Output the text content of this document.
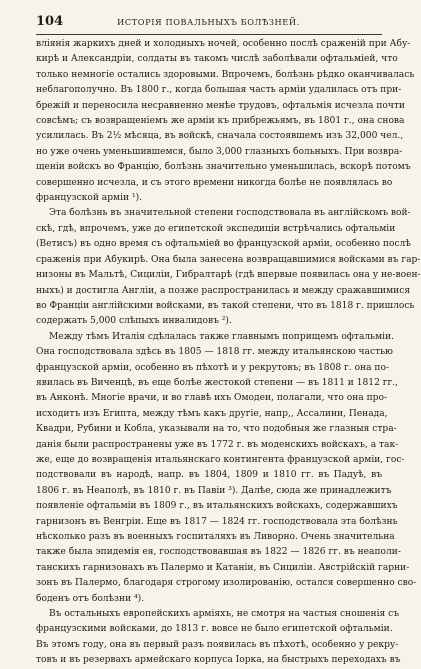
104	ИСТОРІЯ ПОВАЛЬНЫХЪ БОЛѢЗНЕЙ.
вліянія жаркихъ дней и холодныхъ ночей, особенно послѣ сраженій при Абу-
кирѣ и Александріи, солдаты въ такомъ числѣ заболѣвали офтальміей, что
только немногіе остались здоровыми. Впрочемъ, болѣзнь рѣдко оканчивалась
неблагополучно. Въ 1800 г., когда большая часть арміи удалилась отъ при-
брежій и переносила несравненно менѣе трудовъ, офтальмія исчезла почти
совсѣмъ; съ возвращеніемъ же арміи къ прибрежьямъ, въ 1801 г., она снова
усилилась. Въ 2½ мѣсяца, въ войскѣ, сначала состоявшемъ изъ 32,000 чел.,
но уже очень уменьшившемся, было 3,000 глазныхъ больныхъ. При возвра-
щеніи войскъ во Францію, болѣзнь значительно уменьшилась, вскорѣ потомъ
совершенно исчезла, и съ этого времени никогда болѣе не появлялась во
французской арміи ¹).
Эта болѣзнь въ значительной степени господствовала въ англійскомъ вой-
скѣ, гдѣ, впрочемъ, уже до египетской экспедиціи встрѣчались офтальміи
(Ветисъ) въ одно время съ офтальміей во французской арміи, особенно послѣ
сраженія при Абукирѣ. Она была занесена возвращавшимися войсками въ гар-
низоны въ Мальтѣ, Сициліи, Гибралтарѣ (гдѣ впервые появилась она у не-воен-
ныхъ) и достигла Англіи, а позже распространилась и между сражавшимися
во Франціи англійскими войсками, въ такой степени, что въ 1818 г. пришлось
содержать 5,000 слѣпыхъ инвалидовъ ²).
Между тѣмъ Италія сдѣлалась также главнымъ поприщемъ офтальміи.
Она господствовала здѣсь въ 1805 — 1818 гг. между итальянскою частью
французской арміи, особенно въ пѣхотѣ и у рекрутовъ; въ 1808 г. она по-
явилась въ Виченцѣ, въ еще болѣе жестокой степени — въ 1811 и 1812 гг.,
въ Анконѣ. Многіе врачи, и во главѣ ихъ Омодеи, полагали, что она про-
исходитъ изъ Египта, между тѣмъ какъ другіе, напр,, Ассалини, Пенада,
Квадри, Рубини и Кобла, указывали на то, что подобныя же глазныя стра-
данія были распространены уже въ 1772 г. въ моденскихъ войскахъ, а так-
же, еще до возвращенія итальянскаго контингента французской арміи, гос-
подствовали въ народѣ, напр. въ 1804, 1809 и 1810 гг. въ Падуѣ, въ
1806 г. въ Неаполѣ, въ 1810 г. въ Павіи ³). Далѣе, сюда же принадлежитъ
появленіе офтальміи въ 1809 г., въ итальянскихъ войскахъ, содержавшихъ
гарнизонъ въ Венгріи. Еще въ 1817 — 1824 гг. господствовала эта болѣзнь
нѣсколько разъ въ военныхъ госпиталяхъ въ Ливорно. Очень значительна
также была эпидемія ея, господствовавшая въ 1822 — 1826 гг. въ неаполи-
танскихъ гарнизонахъ въ Палермо и Катаніи, въ Сициліи. Австрійскій гарни-
зонъ въ Палермо, благодаря строгому изолированію, остался совершенно сво-
боденъ отъ болѣзни ⁴).
Въ остальныхъ европейскихъ арміяхъ, не смотря на частыя сношенія съ
французскими войсками, до 1813 г. вовсе не было египетской офтальміи.
Въ этомъ году, она въ первый разъ появилась въ пѣхотѣ, особенно у рекру-
товъ и въ резервахъ армейскаго корпуса Іорка, на быстрыхъ переходахъ въ
